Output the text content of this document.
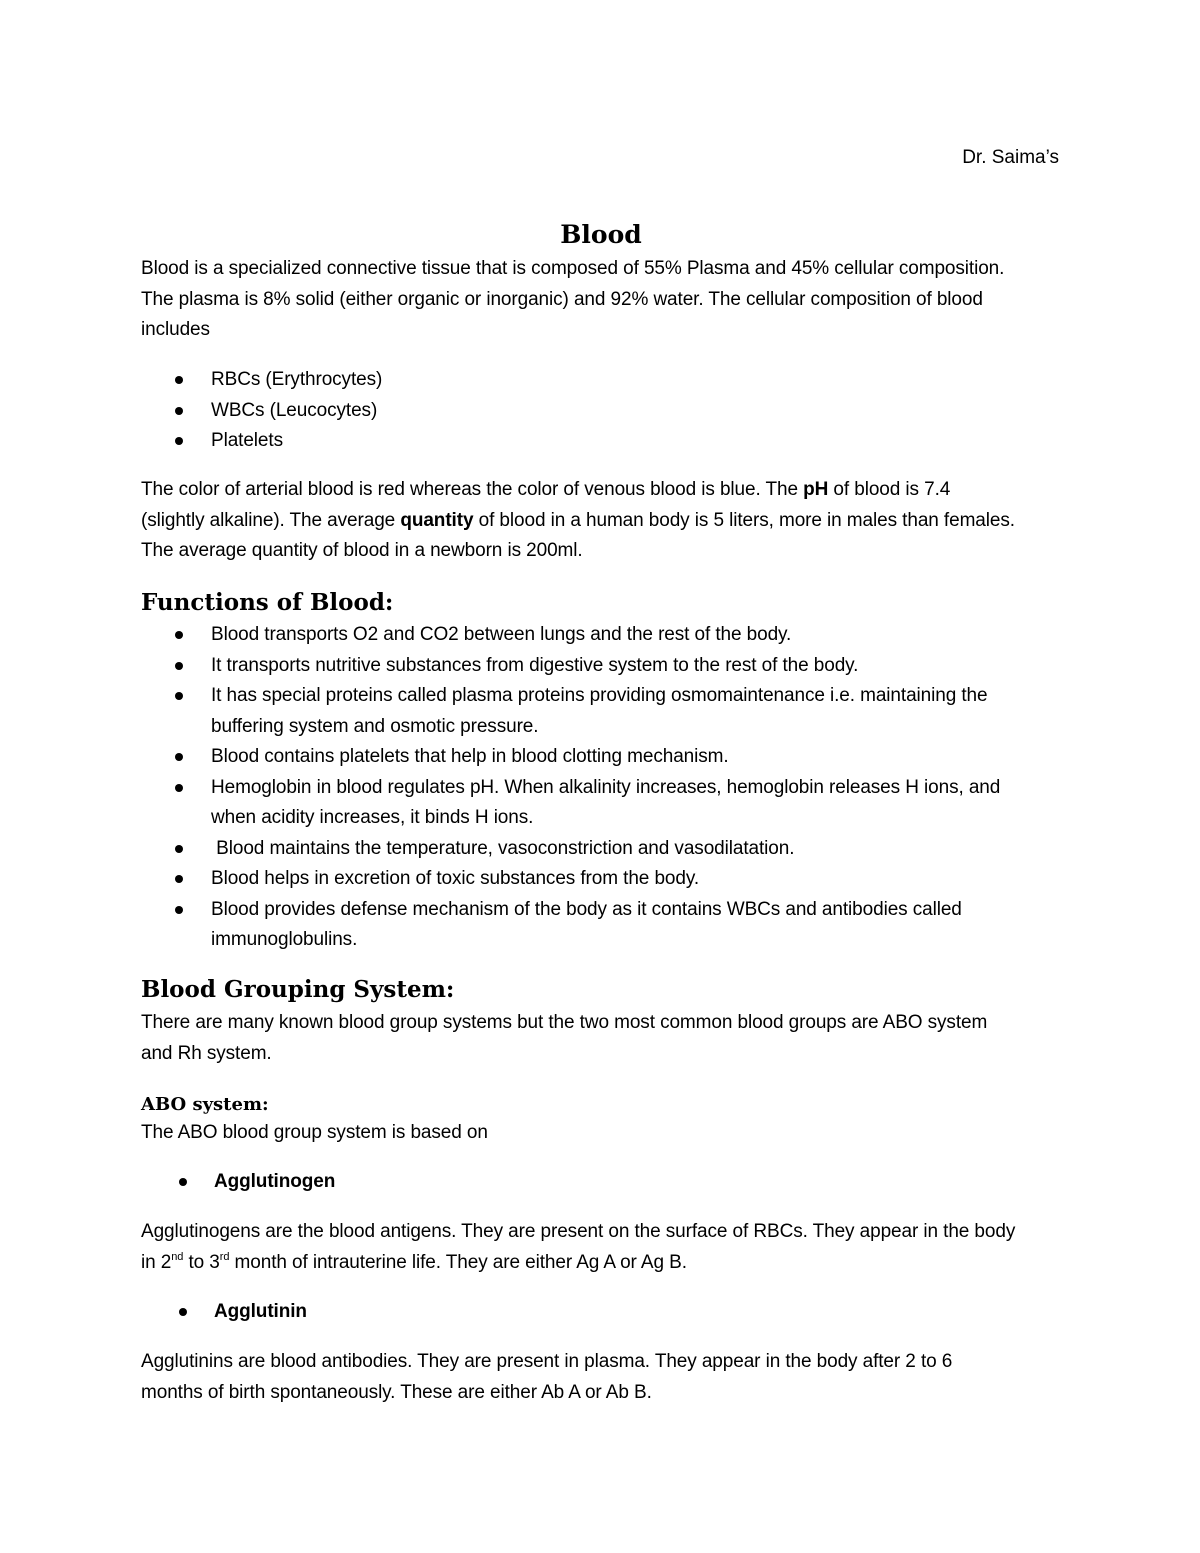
Dr. Saima’s
Blood
Blood is a specialized connective tissue that is composed of 55% Plasma and 45% cellular composition.
The plasma is 8% solid (either organic or inorganic) and 92% water. The cellular composition of blood
includes
RBCs (Erythrocytes)
WBCs (Leucocytes)
Platelets
The color of arterial blood is red whereas the color of venous blood is blue. The pH of blood is 7.4
(slightly alkaline). The average quantity of blood in a human body is 5 liters, more in males than females.
The average quantity of blood in a newborn is 200ml.
Functions of Blood:
Blood transports O2 and CO2 between lungs and the rest of the body.
It transports nutritive substances from digestive system to the rest of the body.
It has special proteins called plasma proteins providing osmomaintenance i.e. maintaining the
buffering system and osmotic pressure.
Blood contains platelets that help in blood clotting mechanism.
Hemoglobin in blood regulates pH. When alkalinity increases, hemoglobin releases H ions, and
when acidity increases, it binds H ions.
Blood maintains the temperature, vasoconstriction and vasodilatation.
Blood helps in excretion of toxic substances from the body.
Blood provides defense mechanism of the body as it contains WBCs and antibodies called
immunoglobulins.
Blood Grouping System:
There are many known blood group systems but the two most common blood groups are ABO system
and Rh system.
ABO system:
The ABO blood group system is based on
Agglutinogen
Agglutinogens are the blood antigens. They are present on the surface of RBCs. They appear in the body
in 2nd to 3rd month of intrauterine life. They are either Ag A or Ag B.
Agglutinin
Agglutinins are blood antibodies. They are present in plasma. They appear in the body after 2 to 6
months of birth spontaneously. These are either Ab A or Ab B.
